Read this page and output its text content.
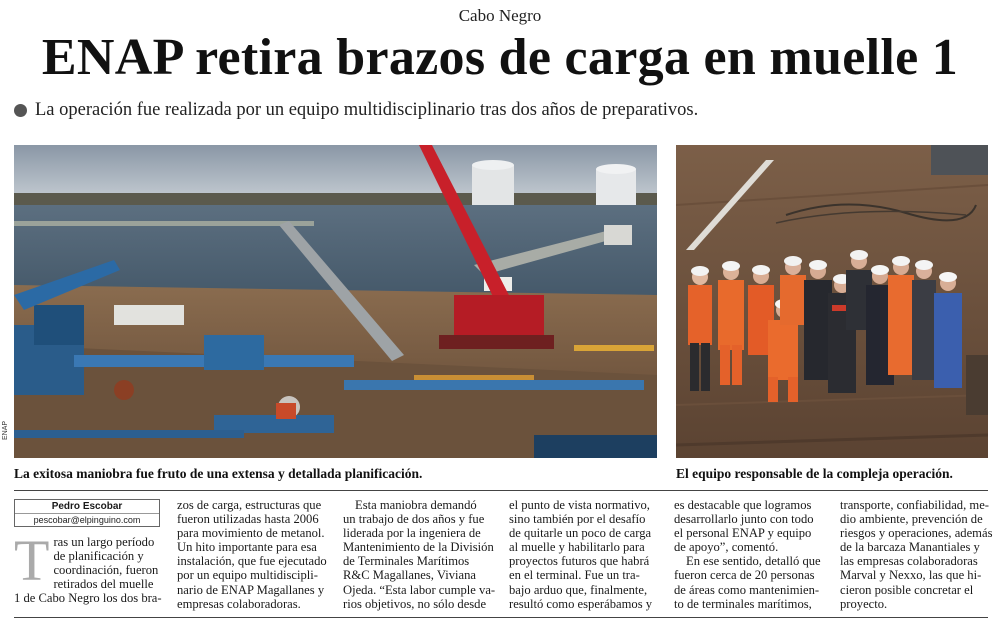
Cabo Negro
ENAP retira brazos de carga en muelle 1
La operación fue realizada por un equipo multidisciplinario tras dos años de preparativos.
ENAP
La exitosa maniobra fue fruto de una extensa y detallada planificación.	El equipo responsable de la compleja operación.
Pedro Escobar
pescobar@elpinguino.com
T ras un largo período
de planificación y
coordinación, fueron
retirados del muelle
1 de Cabo Negro los dos bra-
zos de carga, estructuras que
fueron utilizadas hasta 2006
para movimiento de metanol.
Un hito importante para esa
instalación, que fue ejecutado
por un equipo multidiscipli-
nario de ENAP Magallanes y
empresas colaboradoras.
Esta maniobra demandó
un trabajo de dos años y fue
liderada por la ingeniera de
Mantenimiento de la División
de Terminales Marítimos
R&C Magallanes, Viviana
Ojeda. “Esta labor cumple va-
rios objetivos, no sólo desde
el punto de vista normativo,
sino también por el desafío
de quitarle un poco de carga
al muelle y habilitarlo para
proyectos futuros que habrá
en el terminal. Fue un tra-
bajo arduo que, finalmente,
resultó como esperábamos y
es destacable que logramos
desarrollarlo junto con todo
el personal ENAP y equipo
de apoyo”, comentó.
En ese sentido, detalló que
fueron cerca de 20 personas
de áreas como mantenimien-
to de terminales marítimos,
transporte, confiabilidad, me-
dio ambiente, prevención de
riesgos y operaciones, además
de la barcaza Manantiales y
las empresas colaboradoras
Marval y Nexxo, las que hi-
cieron posible concretar el
proyecto.
